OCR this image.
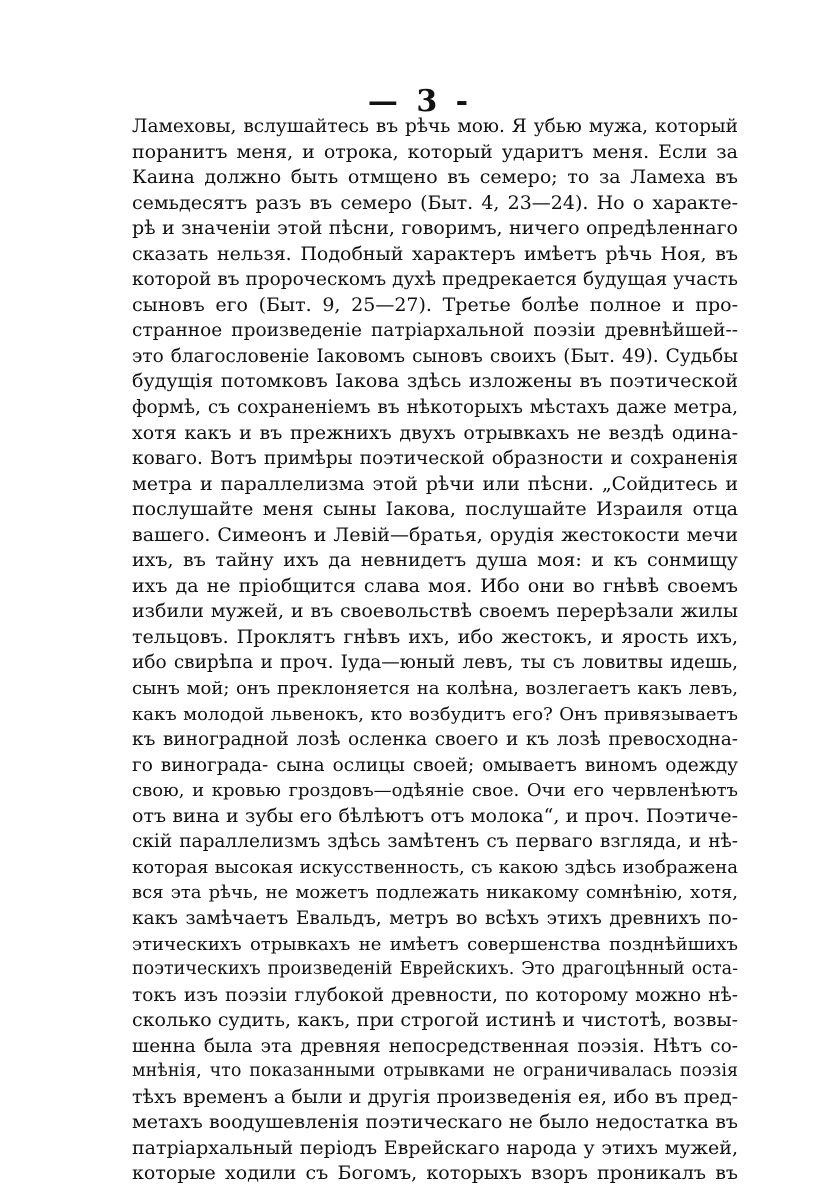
— 3 -
Ламеховы, вслушайтесь въ рѣчь мою. Я убью мужа, который
поранитъ меня, и отрока, который ударитъ меня. Если за
Каина должно быть отмщено въ семеро; то за Ламеха въ
семьдесятъ разъ въ семеро (Быт. 4, 23—24). Но о характе-
рѣ и значеніи этой пѣсни, говоримъ, ничего опредѣленнаго
сказать нельзя. Подобный характеръ имѣетъ рѣчь Ноя, въ
которой въ пророческомъ духѣ предрекается будущая участь
сыновъ его (Быт. 9, 25—27). Третье болѣе полное и про-
странное произведеніе патріархальной поэзіи древнѣйшей--
это благословеніе Іаковомъ сыновъ своихъ (Быт. 49). Судьбы
будущія потомковъ Іакова здѣсь изложены въ поэтической
формѣ, съ сохраненіемъ въ нѣкоторыхъ мѣстахъ даже метра,
хотя какъ и въ прежнихъ двухъ отрывкахъ не вездѣ одина-
коваго. Вотъ примѣры поэтической образности и сохраненія
метра и параллелизма этой рѣчи или пѣсни. „Сойдитесь и
послушайте меня сыны Іакова, послушайте Израиля отца
вашего. Симеонъ и Левій—братья, орудія жестокости мечи
ихъ, въ тайну ихъ да невнидетъ душа моя: и къ сонмищу
ихъ да не пріобщится слава моя. Ибо они во гнѣвѣ своемъ
избили мужей, и въ своевольствѣ своемъ перерѣзали жилы
тельцовъ. Проклятъ гнѣвъ ихъ, ибо жестокъ, и ярость ихъ,
ибо свирѣпа и проч. Іуда—юный левъ, ты съ ловитвы идешь,
сынъ мой; онъ преклоняется на колѣна, возлегаетъ какъ левъ,
какъ молодой львенокъ, кто возбудитъ его? Онъ привязываетъ
къ виноградной лозѣ осленка своего и къ лозѣ превосходна-
го винограда- сына ослицы своей; омываетъ виномъ одежду
свою, и кровью гроздовъ—одѣяніе свое. Очи его червленѣютъ
отъ вина и зубы его бѣлѣютъ отъ молока“, и проч. Поэтиче-
скій параллелизмъ здѣсь замѣтенъ съ перваго взгляда, и нѣ-
которая высокая искусственность, съ какою здѣсь изображена
вся эта рѣчь, не можетъ подлежать никакому сомнѣнію, хотя,
какъ замѣчаетъ Евальдъ, метръ во всѣхъ этихъ древнихъ по-
этическихъ отрывкахъ не имѣетъ совершенства позднѣйшихъ
поэтическихъ произведеній Еврейскихъ. Это драгоцѣнный оста-
токъ изъ поэзіи глубокой древности, по которому можно нѣ-
сколько судить, какъ, при строгой истинѣ и чистотѣ, возвы-
шенна была эта древняя непосредственная поэзія. Нѣтъ со-
мнѣнія, что показанными отрывками не ограничивалась поэзія
тѣхъ временъ а были и другія произведенія ея, ибо въ пред-
метахъ воодушевленія поэтическаго не было недостатка въ
патріархальный періодъ Еврейскаго народа у этихъ мужей,
которые ходили съ Богомъ, которыхъ взоръ проникалъ въ
